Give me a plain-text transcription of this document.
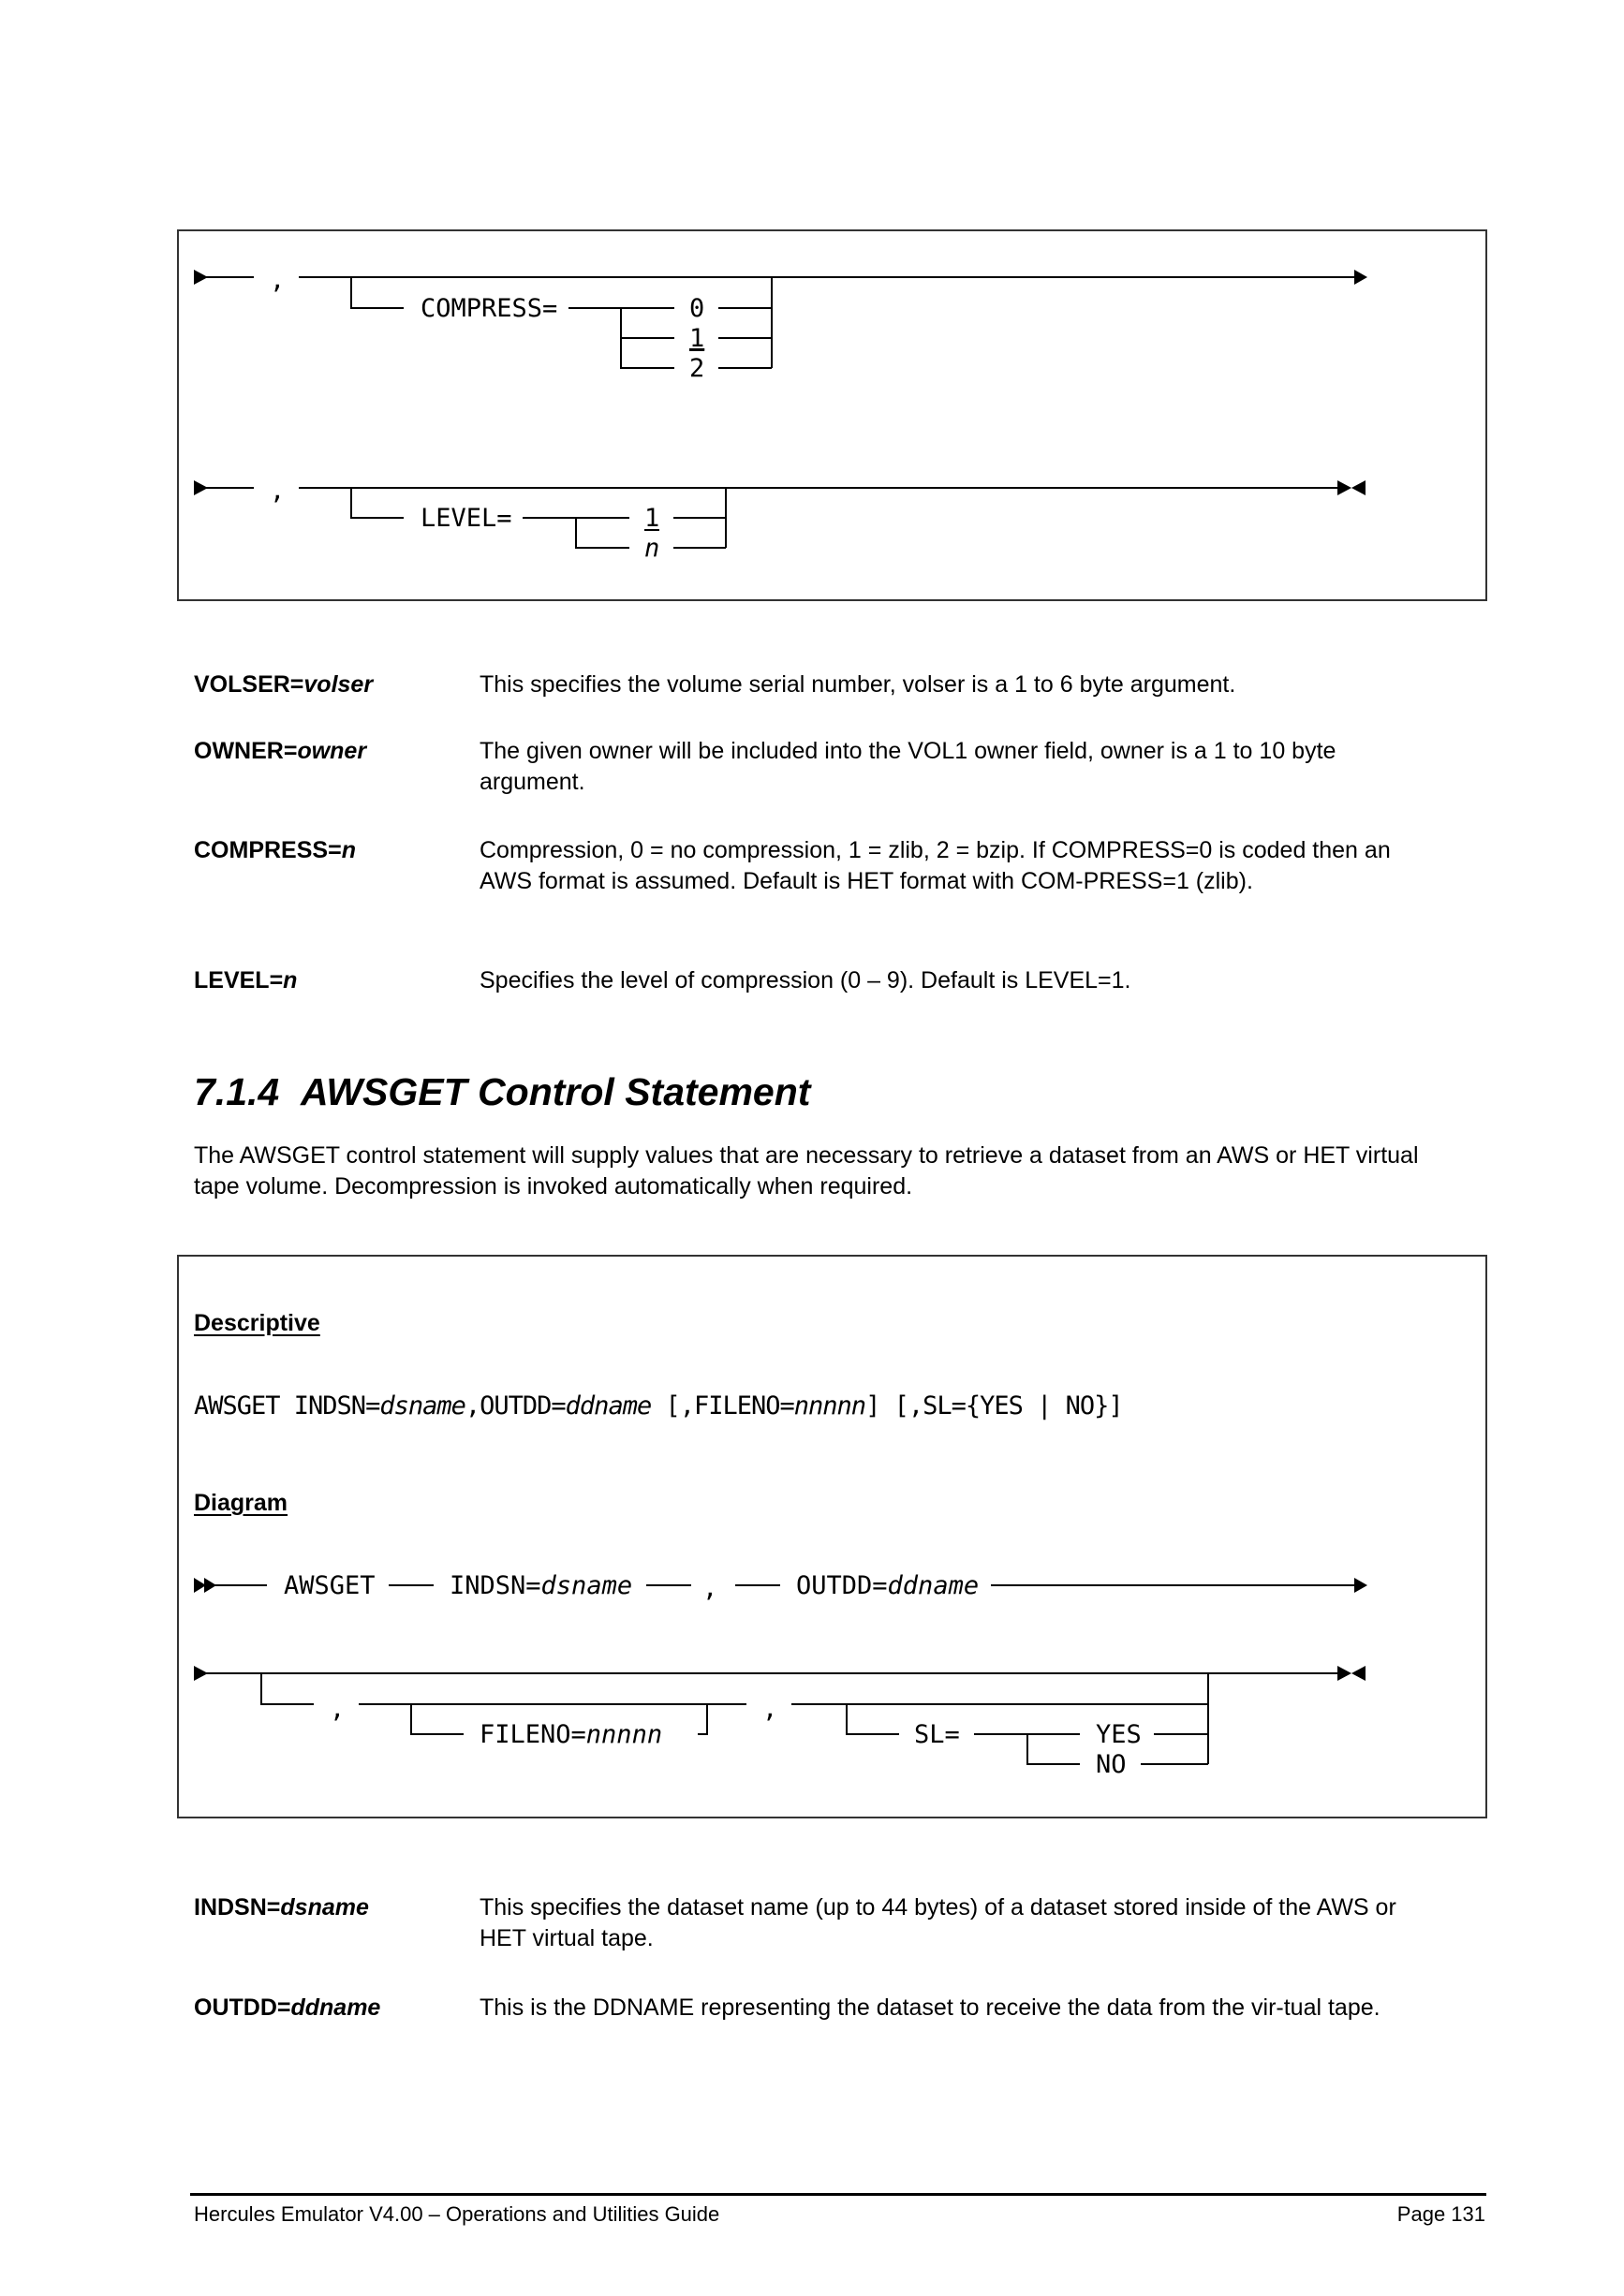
,
COMPRESS=	0
1
2
,
LEVEL=	1
n
VOLSER=volser	This specifies the volume serial number, volser is a 1 to 6 byte argument.
OWNER=owner	The given owner will be included into the VOL1 owner field, owner is a 1 to 10 byte argument.
COMPRESS=n	Compression, 0 = no compression, 1 = zlib, 2 = bzip. If COMPRESS=0 is coded then an AWS format is assumed. Default is HET format with COM-PRESS=1 (zlib).
LEVEL=n	Specifies the level of compression (0 – 9). Default is LEVEL=1.
7.1.4 AWSGET Control Statement
The AWSGET control statement will supply values that are necessary to retrieve a dataset from an AWS or HET virtual tape volume. Decompression is invoked automatically when required.
Descriptive
AWSGET INDSN=dsname,OUTDD=ddname [,FILENO=nnnnn] [,SL={YES | NO}]
Diagram
AWSGET	INDSN=dsname	,	OUTDD=ddname
,
FILENO=nnnnn
,
SL=	YES
NO
INDSN=dsname	This specifies the dataset name (up to 44 bytes) of a dataset stored inside of the AWS or HET virtual tape.
OUTDD=ddname	This is the DDNAME representing the dataset to receive the data from the vir-tual tape.
Hercules Emulator V4.00 – Operations and Utilities Guide	Page 131
